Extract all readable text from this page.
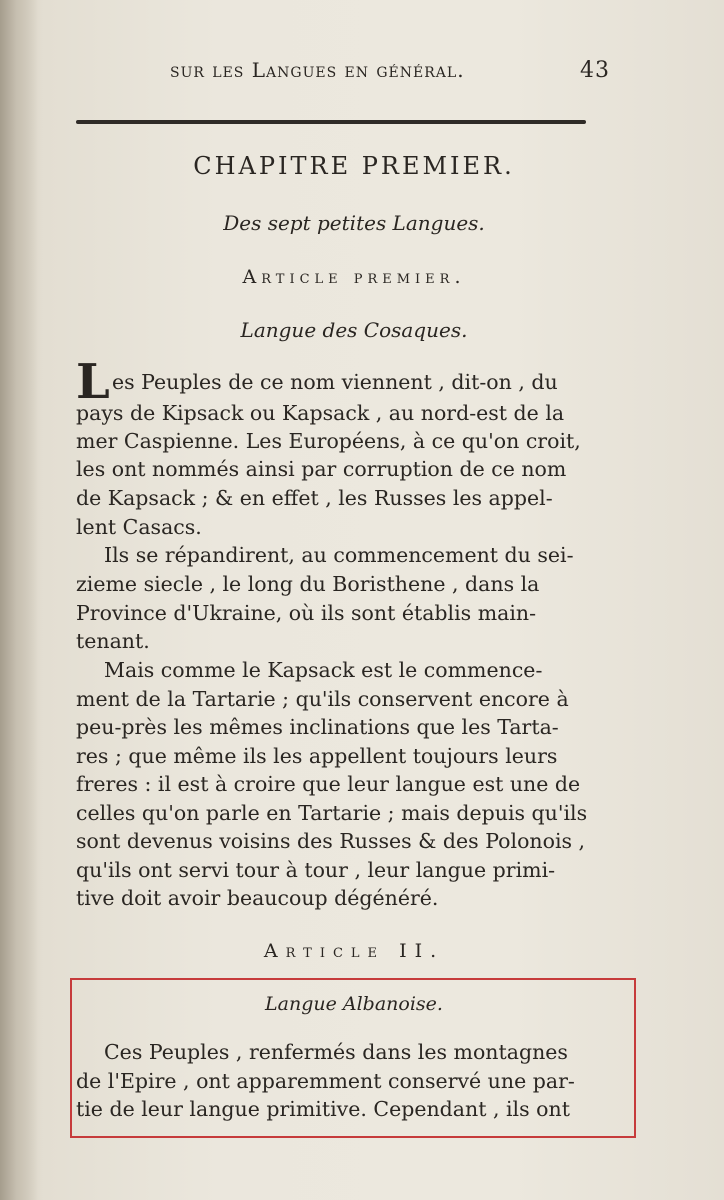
sur les Langues en général.	43
CHAPITRE PREMIER.
Des sept petites Langues.
Article premier.
Langue des Cosaques.
L es Peuples de ce nom viennent , dit-on , du
pays de Kipsack ou Kapsack , au nord-est de la
mer Caspienne. Les Européens, à ce qu'on croit,
les ont nommés ainsi par corruption de ce nom
de Kapsack ; & en effet , les Russes les appel-
lent Casacs.
Ils se répandirent, au commencement du sei-
zieme siecle , le long du Boristhene , dans la
Province d'Ukraine, où ils sont établis main-
tenant.
Mais comme le Kapsack est le commence-
ment de la Tartarie ; qu'ils conservent encore à
peu-près les mêmes inclinations que les Tarta-
res ; que même ils les appellent toujours leurs
freres : il est à croire que leur langue est une de
celles qu'on parle en Tartarie ; mais depuis qu'ils
sont devenus voisins des Russes & des Polonois ,
qu'ils ont servi tour à tour , leur langue primi-
tive doit avoir beaucoup dégénéré.
Article II.
Langue Albanoise.
Ces Peuples , renfermés dans les montagnes
de l'Epire , ont apparemment conservé une par-
tie de leur langue primitive. Cependant , ils ont
